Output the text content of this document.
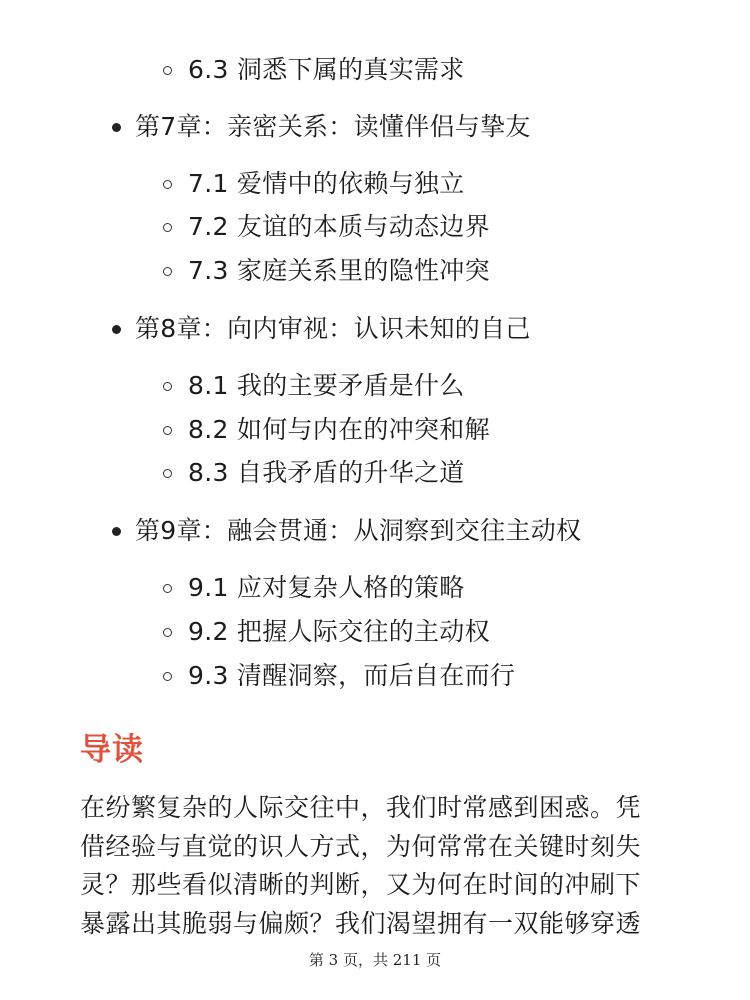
6.3 洞悉下属的真实需求
第7章：亲密关系：读懂伴侣与挚友
7.1 爱情中的依赖与独立
7.2 友谊的本质与动态边界
7.3 家庭关系里的隐性冲突
第8章：向内审视：认识未知的自己
8.1 我的主要矛盾是什么
8.2 如何与内在的冲突和解
8.3 自我矛盾的升华之道
第9章：融会贯通：从洞察到交往主动权
9.1 应对复杂人格的策略
9.2 把握人际交往的主动权
9.3 清醒洞察，而后自在而行
导读
在纷繁复杂的人际交往中，我们时常感到困惑。凭
借经验与直觉的识人方式，为何常常在关键时刻失
灵？那些看似清晰的判断，又为何在时间的冲刷下
暴露出其脆弱与偏颇？我们渴望拥有一双能够穿透
第 3 页，共 211 页
